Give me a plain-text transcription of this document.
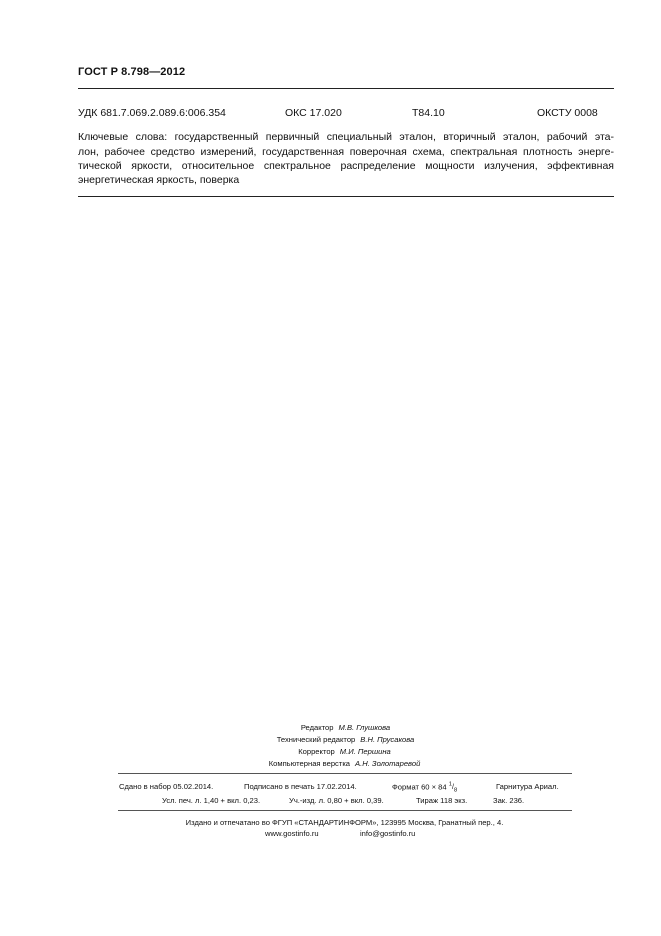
ГОСТ Р 8.798—2012
УДК 681.7.069.2.089.6:006.354	ОКС 17.020	Т84.10	ОКСТУ 0008
Ключевые слова: государственный первичный специальный эталон, вторичный эталон, рабочий эта-
лон, рабочее средство измерений, государственная поверочная схема, спектральная плотность энерге-
тической яркости, относительное спектральное распределение мощности излучения, эффективная
энергетическая яркость, поверка
Редактор М.В. Глушкова
Технический редактор В.Н. Прусакова
Корректор М.И. Першина
Компьютерная верстка А.Н. Золотаревой
Сдано в набор 05.02.2014.	Подписано в печать 17.02.2014.	Формат 60 × 84 $^1/_8$	Гарнитура Ариал.
Усл. печ. л. 1,40 + вкл. 0,23.	Уч.-изд. л. 0,80 + вкл. 0,39.	Тираж 118 экз.	Зак. 236.
Издано и отпечатано во ФГУП «СТАНДАРТИНФОРМ», 123995 Москва, Гранатный пер., 4.
www.gostinfo.ru	info@gostinfo.ru
